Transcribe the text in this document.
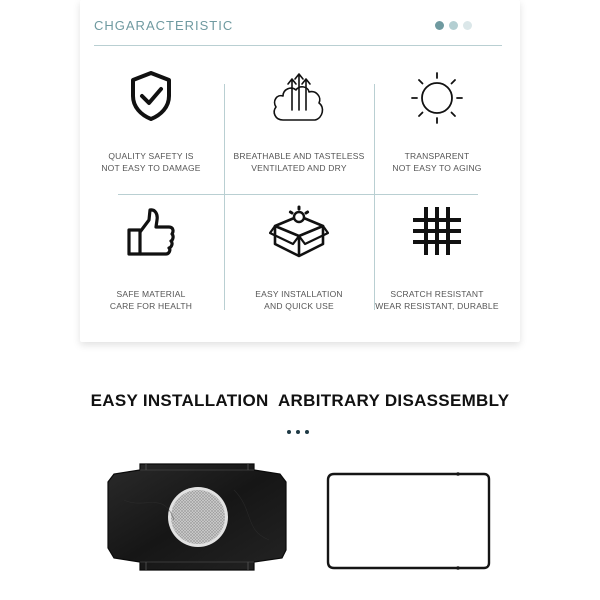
CHGARACTERISTIC
QUALITY SAFETY IS
NOT EASY TO DAMAGE
BREATHABLE AND TASTELESS
VENTILATED AND DRY
TRANSPARENT
NOT EASY TO AGING
SAFE MATERIAL
CARE FOR HEALTH
EASY INSTALLATION
AND QUICK USE
SCRATCH RESISTANT
WEAR RESISTANT, DURABLE
EASY INSTALLATION  ARBITRARY DISASSEMBLY
